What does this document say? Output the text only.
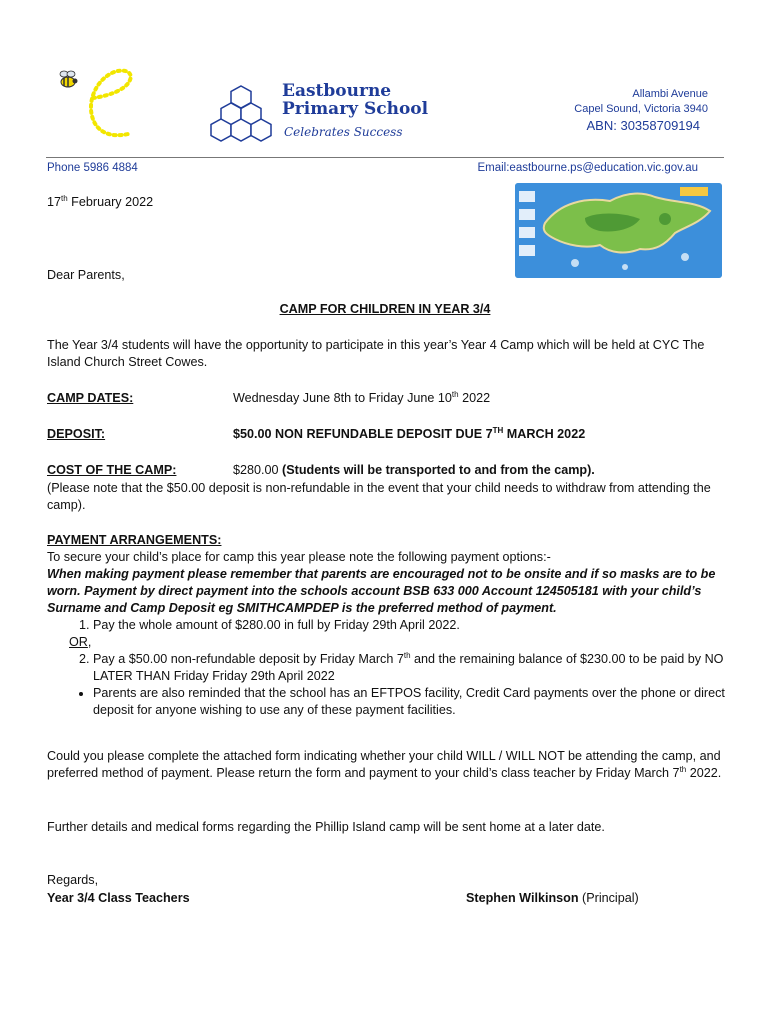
Eastbourne
Primary School
Celebrates Success
Allambi Avenue
Capel Sound, Victoria 3940
ABN: 30358709194
Phone 5986 4884	Email:eastbourne.ps@education.vic.gov.au
17th February 2022
Dear Parents,
CAMP FOR CHILDREN IN YEAR 3/4
The Year 3/4 students will have the opportunity to participate in this year’s Year 4 Camp which will be held at CYC The Island Church Street Cowes.
CAMP DATES:	Wednesday June 8th to Friday June 10th 2022
DEPOSIT:	$50.00 NON REFUNDABLE DEPOSIT DUE 7TH MARCH 2022
COST OF THE CAMP:	$280.00 (Students will be transported to and from the camp).
(Please note that the $50.00 deposit is non-refundable in the event that your child needs to withdraw from attending the camp).

PAYMENT ARRANGEMENTS:

To secure your child’s place for camp this year please note the following payment options:-

When making payment please remember that parents are encouraged not to be onsite and if so masks are to be worn. Payment by direct payment into the schools account BSB 633 000 Account 124505181 with your child’s Surname and Camp Deposit eg SMITHCAMPDEP is the preferred method of payment.

1. Pay the whole amount of $280.00 in full by Friday 29th April 2022.

OR,

2. Pay a $50.00 non-refundable deposit by Friday March 7th and the remaining balance of $230.00 to be paid by NO LATER THAN Friday Friday 29th April 2022
• Parents are also reminded that the school has an EFTPOS facility, Credit Card payments over the phone or direct deposit for anyone wishing to use any of these payment facilities.
Could you please complete the attached form indicating whether your child WILL / WILL NOT be attending the camp, and preferred method of payment. Please return the form and payment to your child’s class teacher by Friday March 7th 2022.
Further details and medical forms regarding the Phillip Island camp will be sent home at a later date.
Regards,
Year 3/4 Class Teachers	Stephen Wilkinson (Principal)
